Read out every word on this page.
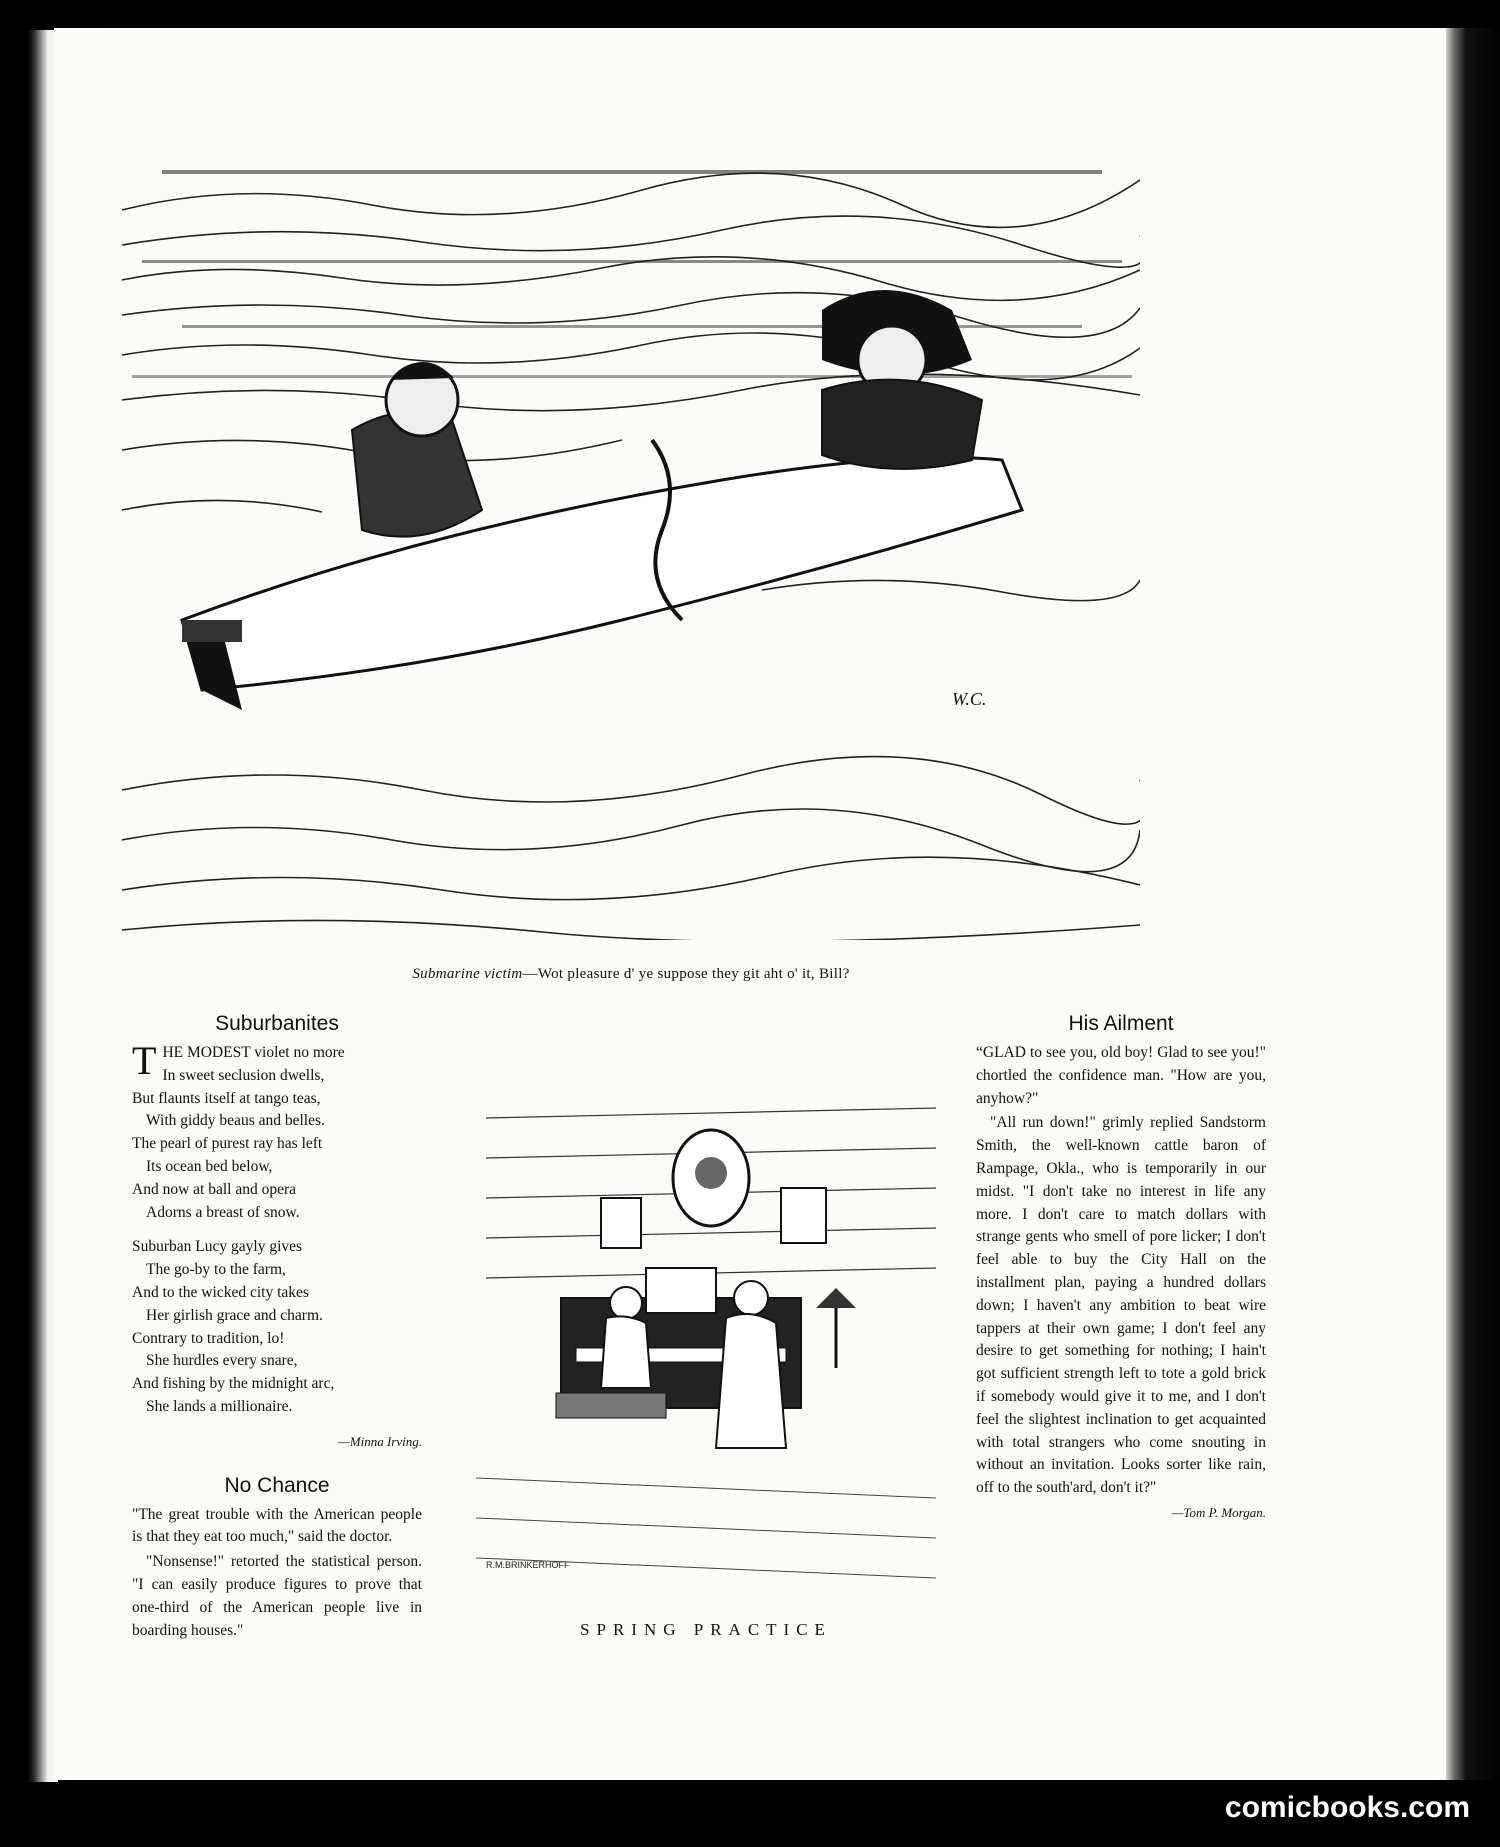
W.C.
Submarine victim—Wot pleasure d' ye suppose they git aht o' it, Bill?
Suburbanites
T HE MODEST violet no more

In sweet seclusion dwells,

But flaunts itself at tango teas,

With giddy beaus and belles.

The pearl of purest ray has left

Its ocean bed below,

And now at ball and opera

Adorns a breast of snow.

Suburban Lucy gayly gives

The go-by to the farm,

And to the wicked city takes

Her girlish grace and charm.

Contrary to tradition, lo!

She hurdles every snare,

And fishing by the midnight arc,

She lands a millionaire.

—Minna Irving.
No Chance

"The great trouble with the American people is that they eat too much," said the doctor.

"Nonsense!" retorted the statistical person. "I can easily produce figures to prove that one-third of the American people live in boarding houses."

R.M.BRINKERHOFF
SPRING PRACTICE
His Ailment

“GLAD to see you, old boy! Glad to see you!" chortled the confidence man. "How are you, anyhow?"

"All run down!" grimly replied Sandstorm Smith, the well-known cattle baron of Rampage, Okla., who is temporarily in our midst. "I don't take no interest in life any more. I don't care to match dollars with strange gents who smell of pore licker; I don't feel able to buy the City Hall on the installment plan, paying a hundred dollars down; I haven't any ambition to beat wire tappers at their own game; I don't feel any desire to get something for nothing; I hain't got sufficient strength left to tote a gold brick if somebody would give it to me, and I don't feel the slightest inclination to get acquainted with total strangers who come snouting in without an invitation. Looks sorter like rain, off to the south'ard, don't it?"

—Tom P. Morgan.
comicbooks.com
